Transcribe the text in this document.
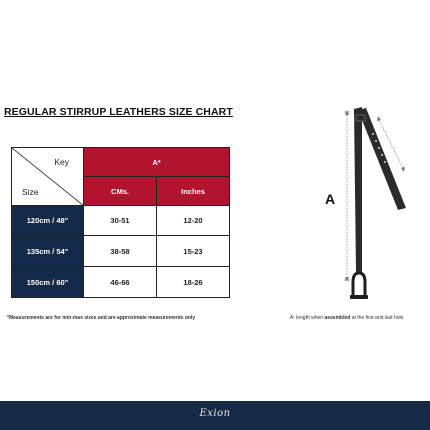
REGULAR STIRRUP LEATHERS SIZE CHART
Key
Size	A*	
	CMs.	Inches
120cm / 48"	30-51	12-20
135cm / 54"	38-58	15-23
150cm / 60"	46-66	18-26
*Measurements are for min-max sizes and are approximate measurements only	A: length when assembled at the first and last hole
A
Exion
